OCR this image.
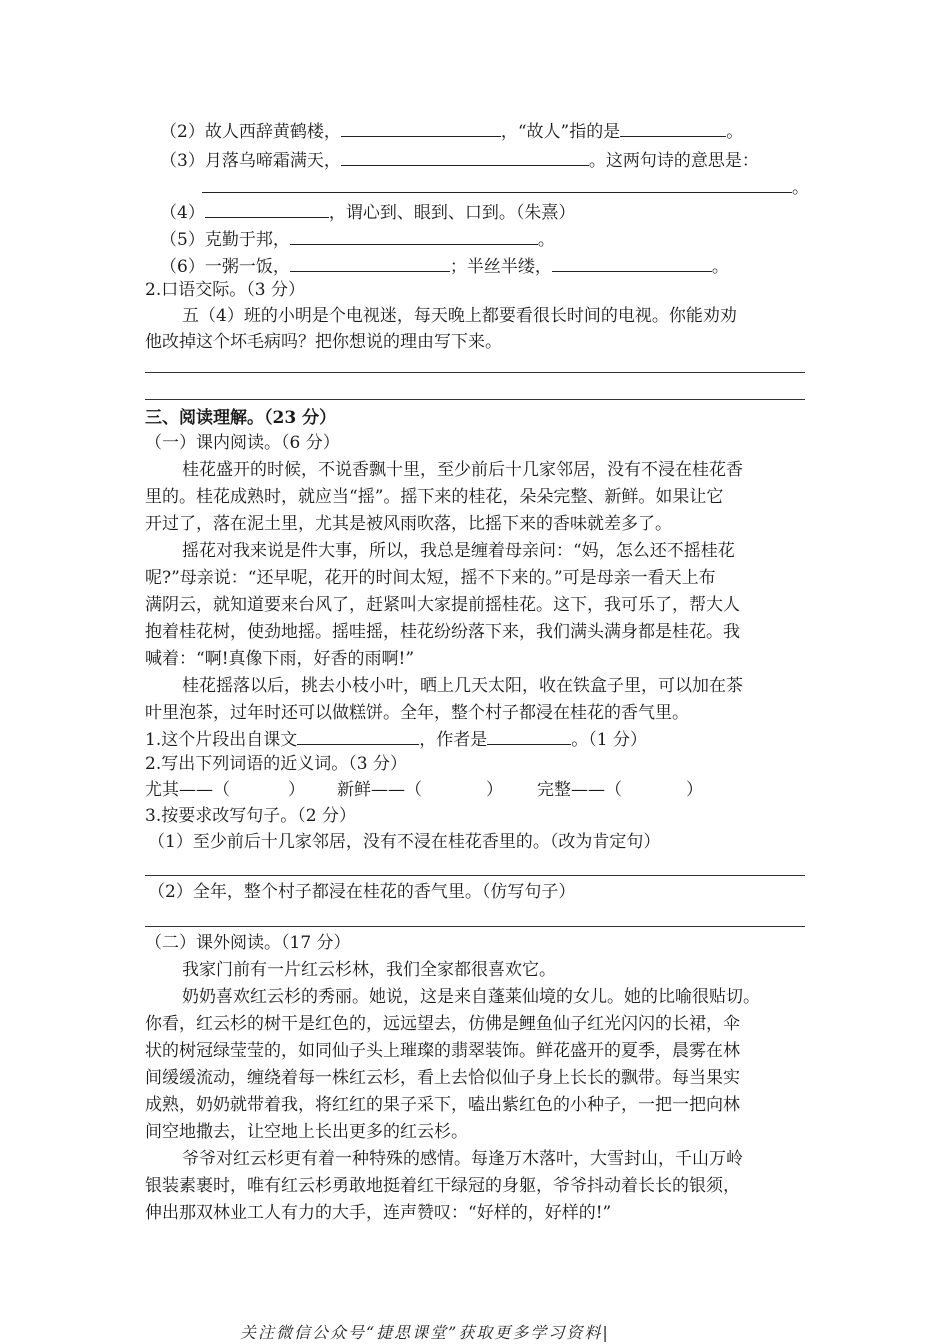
（2）故人西辞黄鹤楼，	，“故人”指的是	。
（3）月落乌啼霜满天，	。这两句诗的意思是：
。
（4）	，谓心到、眼到、口到。（朱熹）
（5）克勤于邦，	。
（6）一粥一饭，	；半丝半缕，	。
2.口语交际。（3 分）
五（4）班的小明是个电视迷，每天晚上都要看很长时间的电视。你能劝劝
他改掉这个坏毛病吗？把你想说的理由写下来。
三、阅读理解。（23 分）
（一）课内阅读。（6 分）
桂花盛开的时候，不说香飘十里，至少前后十几家邻居，没有不浸在桂花香
里的。桂花成熟时，就应当“摇”。摇下来的桂花，朵朵完整、新鲜。如果让它
开过了，落在泥土里，尤其是被风雨吹落，比摇下来的香味就差多了。
摇花对我来说是件大事，所以，我总是缠着母亲问：“妈，怎么还不摇桂花
呢?”母亲说：“还早呢，花开的时间太短，摇不下来的。”可是母亲一看天上布
满阴云，就知道要来台风了，赶紧叫大家提前摇桂花。这下，我可乐了，帮大人
抱着桂花树，使劲地摇。摇哇摇，桂花纷纷落下来，我们满头满身都是桂花。我
喊着：“啊!真像下雨，好香的雨啊!”
桂花摇落以后，挑去小枝小叶，晒上几天太阳，收在铁盒子里，可以加在茶
叶里泡茶，过年时还可以做糕饼。全年，整个村子都浸在桂花的香气里。
1.这个片段出自课文	，作者是	。（1 分）
2.写出下列词语的近义词。（3 分）
尤其——（	） 新鲜——（	） 完整——（	）
3.按要求改写句子。（2 分）
（1）至少前后十几家邻居，没有不浸在桂花香里的。（改为肯定句）
（2）全年，整个村子都浸在桂花的香气里。（仿写句子）
（二）课外阅读。（17 分）
我家门前有一片红云杉林，我们全家都很喜欢它。
奶奶喜欢红云杉的秀丽。她说，这是来自蓬莱仙境的女儿。她的比喻很贴切。
你看，红云杉的树干是红色的，远远望去，仿佛是鲤鱼仙子红光闪闪的长裙，伞
状的树冠绿莹莹的，如同仙子头上璀璨的翡翠装饰。鲜花盛开的夏季，晨雾在林
间缓缓流动，缠绕着每一株红云杉，看上去恰似仙子身上长长的飘带。每当果实
成熟，奶奶就带着我，将红红的果子采下，嗑出紫红色的小种子，一把一把向林
间空地撒去，让空地上长出更多的红云杉。
爷爷对红云杉更有着一种特殊的感情。每逢万木落叶，大雪封山，千山万岭
银装素裹时，唯有红云杉勇敢地挺着红干绿冠的身躯，爷爷抖动着长长的银须，
伸出那双林业工人有力的大手，连声赞叹：“好样的，好样的!”
关注微信公众号“捷思课堂”获取更多学习资料|
